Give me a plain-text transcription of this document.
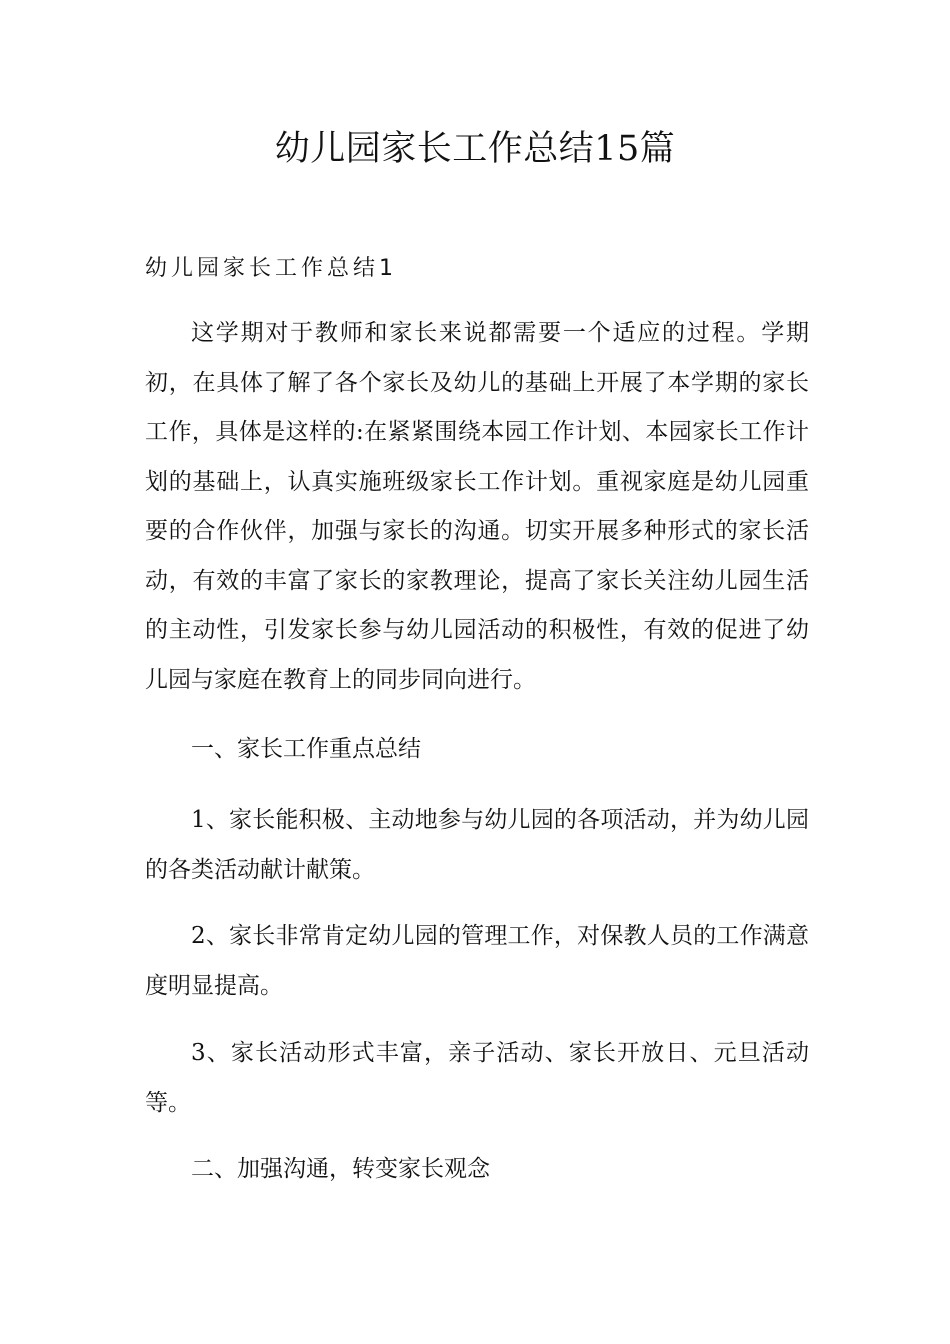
幼儿园家长工作总结15篇
幼儿园家长工作总结1

这学期对于教师和家长来说都需要一个适应的过程。学期初，在具体了解了各个家长及幼儿的基础上开展了本学期的家长工作，具体是这样的:在紧紧围绕本园工作计划、本园家长工作计划的基础上，认真实施班级家长工作计划。重视家庭是幼儿园重要的合作伙伴，加强与家长的沟通。切实开展多种形式的家长活动，有效的丰富了家长的家教理论，提高了家长关注幼儿园生活的主动性，引发家长参与幼儿园活动的积极性，有效的促进了幼儿园与家庭在教育上的同步同向进行。

一、家长工作重点总结

1、家长能积极、主动地参与幼儿园的各项活动，并为幼儿园的各类活动献计献策。

2、家长非常肯定幼儿园的管理工作，对保教人员的工作满意度明显提高。

3、家长活动形式丰富，亲子活动、家长开放日、元旦活动等。

二、加强沟通，转变家长观念
